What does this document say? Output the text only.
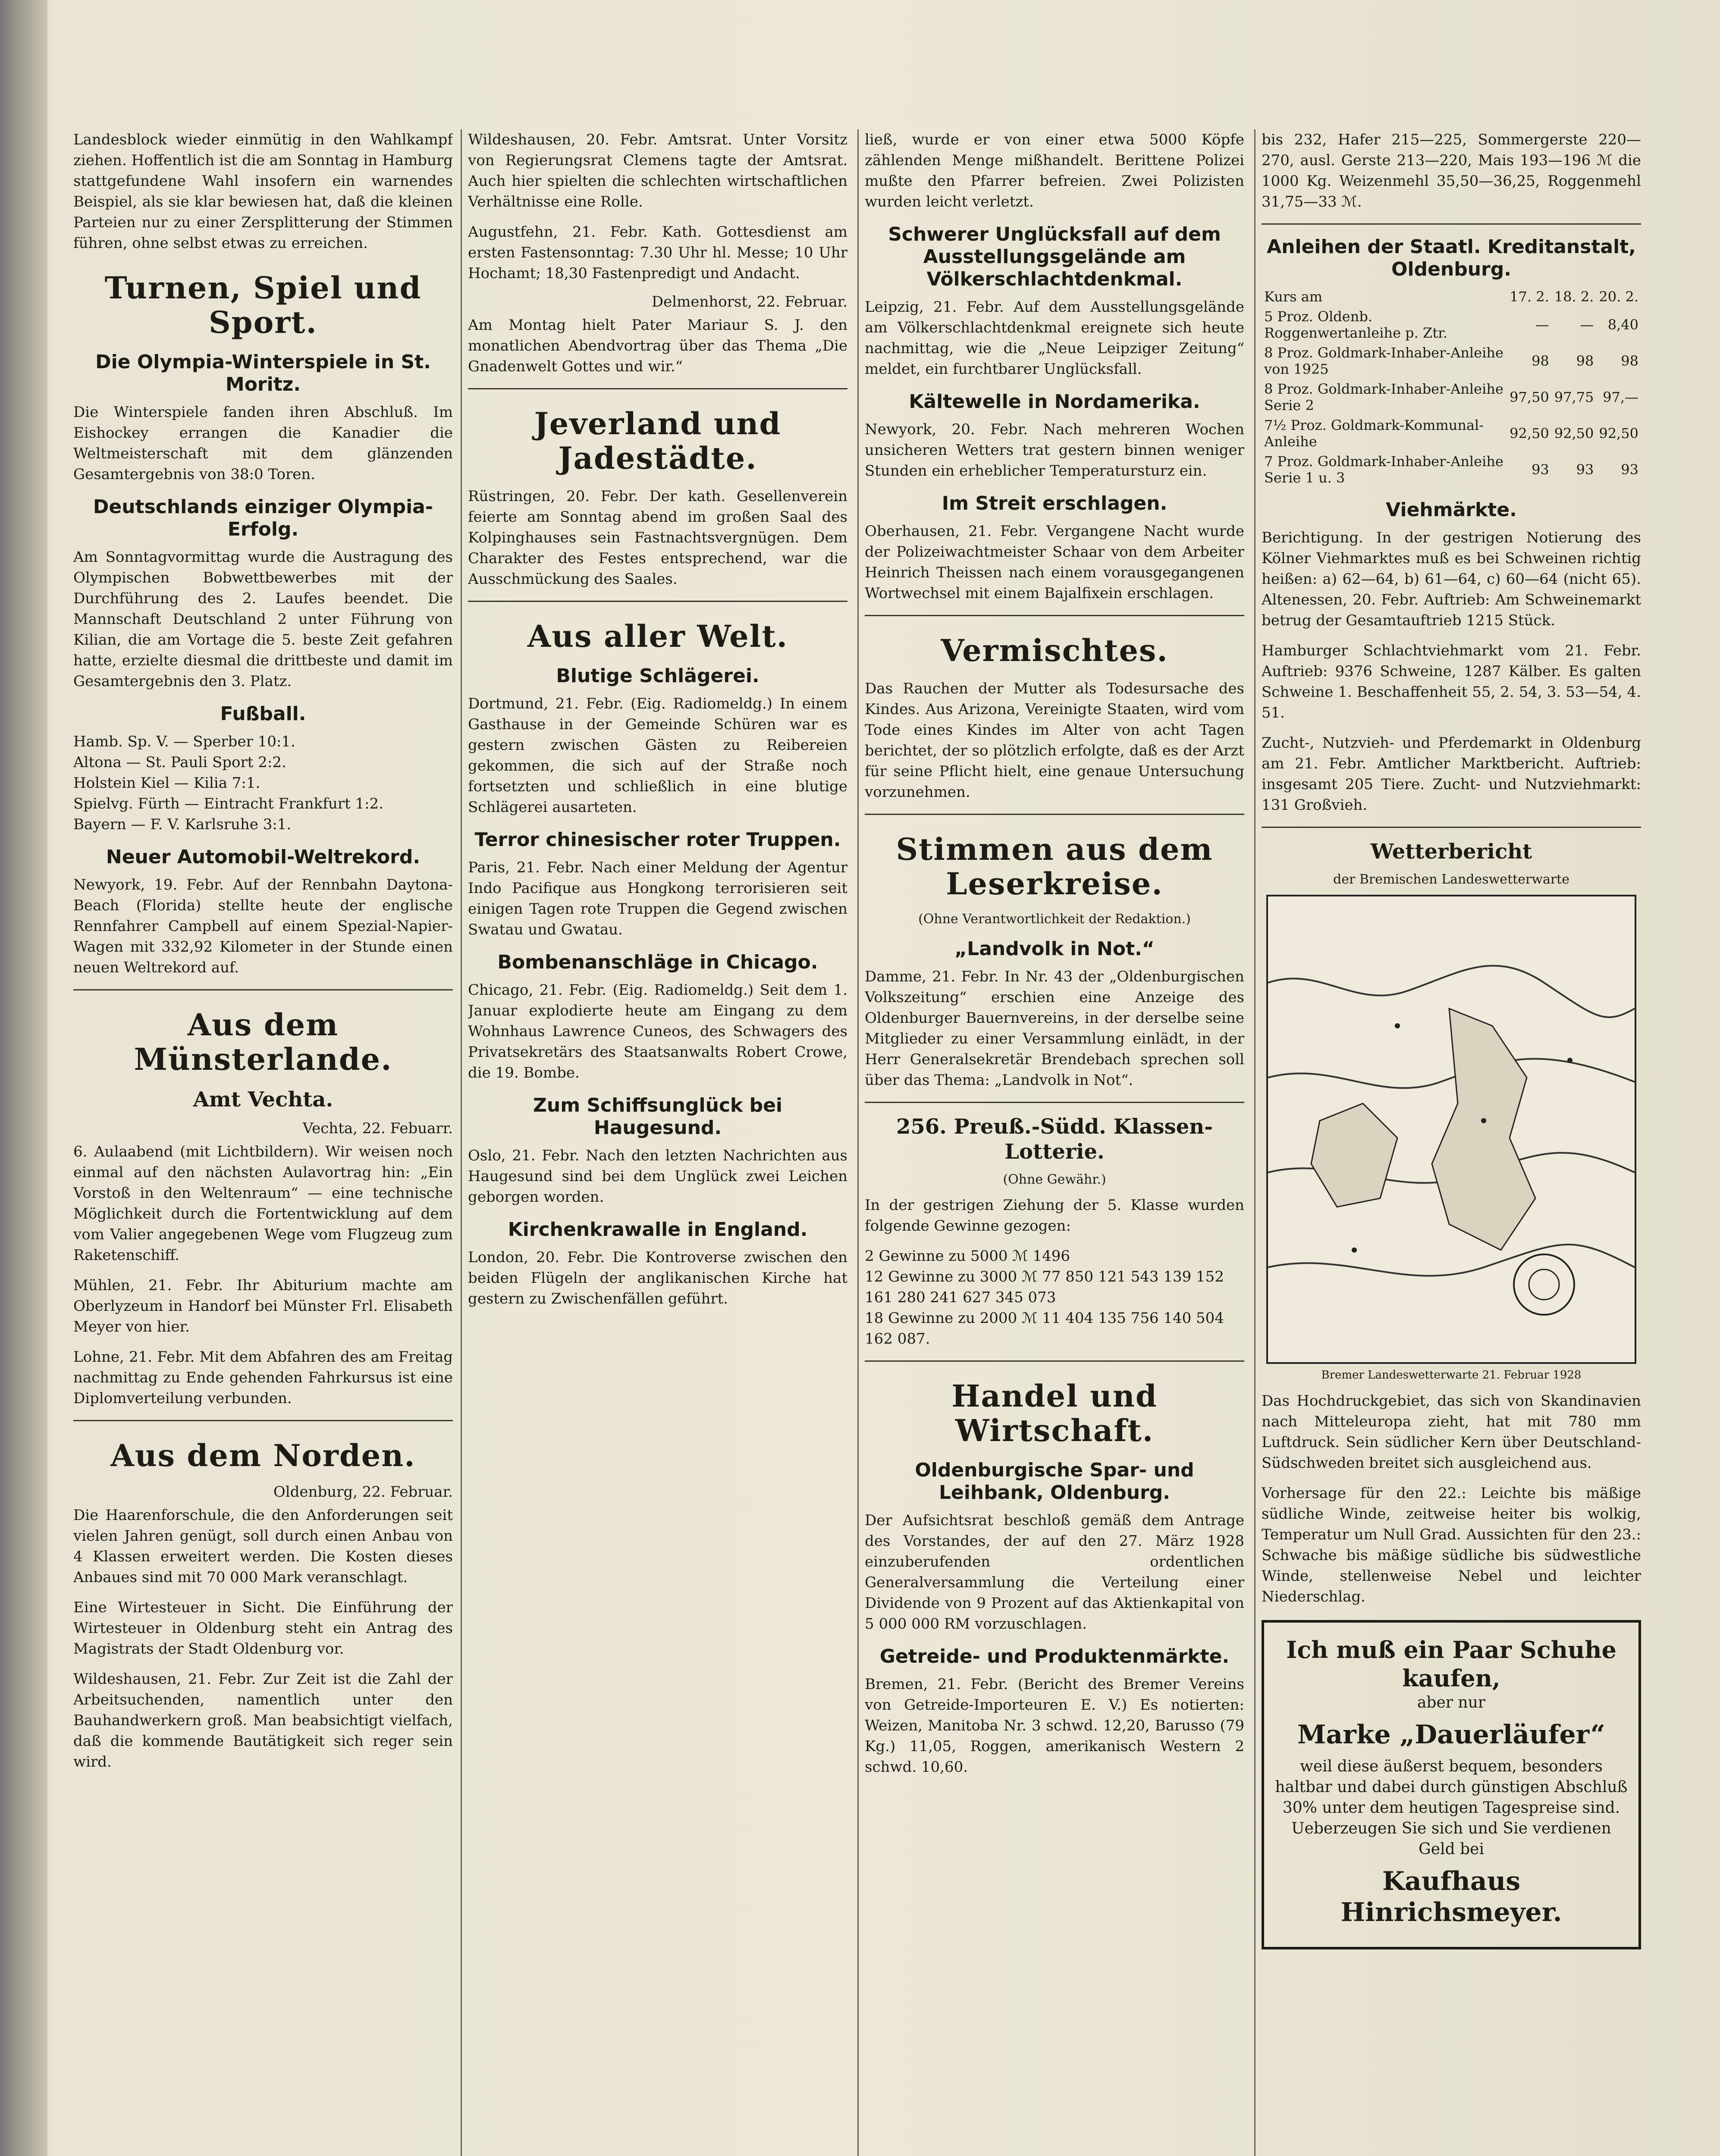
Landesblock wieder einmütig in den Wahlkampf ziehen. Hoffentlich ist die am Sonntag in Hamburg stattgefundene Wahl insofern ein warnendes Beispiel, als sie klar bewiesen hat, daß die kleinen Parteien nur zu einer Zersplitterung der Stimmen führen, ohne selbst etwas zu erreichen.

Turnen, Spiel und Sport.
Die Olympia-Winterspiele in St. Moritz.

Die Winterspiele fanden ihren Abschluß. Im Eishockey errangen die Kanadier die Weltmeisterschaft mit dem glänzenden Gesamtergebnis von 38:0 Toren.

Deutschlands einziger Olympia-Erfolg.

Am Sonntagvormittag wurde die Austragung des Olympischen Bobwettbewerbes mit der Durchführung des 2. Laufes beendet. Die Mannschaft Deutschland 2 unter Führung von Kilian, die am Vortage die 5. beste Zeit gefahren hatte, erzielte diesmal die drittbeste und damit im Gesamtergebnis den 3. Platz.

Fußball.

Hamb. Sp. V. — Sperber 10:1.

Altona — St. Pauli Sport 2:2.

Holstein Kiel — Kilia 7:1.

Spielvg. Fürth — Eintracht Frankfurt 1:2.

Bayern — F. V. Karlsruhe 3:1.

Neuer Automobil-Weltrekord.

Newyork, 19. Febr. Auf der Rennbahn Daytona-Beach (Florida) stellte heute der englische Rennfahrer Campbell auf einem Spezial-Napier-Wagen mit 332,92 Kilometer in der Stunde einen neuen Weltrekord auf.

Aus dem Münsterlande.
Amt Vechta.
Vechta, 22. Febuarr.

6. Aulaabend (mit Lichtbildern). Wir weisen noch einmal auf den nächsten Aulavortrag hin: „Ein Vorstoß in den Weltenraum“ — eine technische Möglichkeit durch die Fortentwicklung auf dem vom Valier angegebenen Wege vom Flugzeug zum Raketenschiff.

Mühlen, 21. Febr. Ihr Abiturium machte am Oberlyzeum in Handorf bei Münster Frl. Elisabeth Meyer von hier.

Lohne, 21. Febr. Mit dem Abfahren des am Freitag nachmittag zu Ende gehenden Fahrkursus ist eine Diplomverteilung verbunden.

Aus dem Norden.
Oldenburg, 22. Februar.

Die Haarenforschule, die den Anforderungen seit vielen Jahren genügt, soll durch einen Anbau von 4 Klassen erweitert werden. Die Kosten dieses Anbaues sind mit 70 000 Mark veranschlagt.

Eine Wirtesteuer in Sicht. Die Einführung der Wirtesteuer in Oldenburg steht ein Antrag des Magistrats der Stadt Oldenburg vor.

Wildeshausen, 21. Febr. Zur Zeit ist die Zahl der Arbeitsuchenden, namentlich unter den Bauhandwerkern groß. Man beabsichtigt vielfach, daß die kommende Bautätigkeit sich reger sein wird.

Wildeshausen, 20. Febr. Amtsrat. Unter Vorsitz von Regierungsrat Clemens tagte der Amtsrat. Auch hier spielten die schlechten wirtschaftlichen Verhältnisse eine Rolle.

Augustfehn, 21. Febr. Kath. Gottesdienst am ersten Fastensonntag: 7.30 Uhr hl. Messe; 10 Uhr Hochamt; 18,30 Fastenpredigt und Andacht.

Delmenhorst, 22. Februar.

Am Montag hielt Pater Mariaur S. J. den monatlichen Abendvortrag über das Thema „Die Gnadenwelt Gottes und wir.“

Jeverland und Jadestädte.

Rüstringen, 20. Febr. Der kath. Gesellenverein feierte am Sonntag abend im großen Saal des Kolpinghauses sein Fastnachtsvergnügen. Dem Charakter des Festes entsprechend, war die Ausschmückung des Saales.

Aus aller Welt.
Blutige Schlägerei.

Dortmund, 21. Febr. (Eig. Radiomeldg.) In einem Gasthause in der Gemeinde Schüren war es gestern zwischen Gästen zu Reibereien gekommen, die sich auf der Straße noch fortsetzten und schließlich in eine blutige Schlägerei ausarteten.

Terror chinesischer roter Truppen.

Paris, 21. Febr. Nach einer Meldung der Agentur Indo Pacifique aus Hongkong terrorisieren seit einigen Tagen rote Truppen die Gegend zwischen Swatau und Gwatau.

Bombenanschläge in Chicago.

Chicago, 21. Febr. (Eig. Radiomeldg.) Seit dem 1. Januar explodierte heute am Eingang zu dem Wohnhaus Lawrence Cuneos, des Schwagers des Privatsekretärs des Staatsanwalts Robert Crowe, die 19. Bombe.

Zum Schiffsunglück bei Haugesund.

Oslo, 21. Febr. Nach den letzten Nachrichten aus Haugesund sind bei dem Unglück zwei Leichen geborgen worden.

Kirchenkrawalle in England.

London, 20. Febr. Die Kontroverse zwischen den beiden Flügeln der anglikanischen Kirche hat gestern zu Zwischenfällen geführt.

ließ, wurde er von einer etwa 5000 Köpfe zählenden Menge mißhandelt. Berittene Polizei mußte den Pfarrer befreien. Zwei Polizisten wurden leicht verletzt.

Schwerer Unglücksfall auf dem Ausstellungsgelände am Völkerschlachtdenkmal.

Leipzig, 21. Febr. Auf dem Ausstellungsgelände am Völkerschlachtdenkmal ereignete sich heute nachmittag, wie die „Neue Leipziger Zeitung“ meldet, ein furchtbarer Unglücksfall.

Kältewelle in Nordamerika.

Newyork, 20. Febr. Nach mehreren Wochen unsicheren Wetters trat gestern binnen weniger Stunden ein erheblicher Temperatursturz ein.

Im Streit erschlagen.

Oberhausen, 21. Febr. Vergangene Nacht wurde der Polizeiwachtmeister Schaar von dem Arbeiter Heinrich Theissen nach einem vorausgegangenen Wortwechsel mit einem Bajalfixein erschlagen.

Vermischtes.

Das Rauchen der Mutter als Todesursache des Kindes. Aus Arizona, Vereinigte Staaten, wird vom Tode eines Kindes im Alter von acht Tagen berichtet, der so plötzlich erfolgte, daß es der Arzt für seine Pflicht hielt, eine genaue Untersuchung vorzunehmen.

Stimmen aus dem Leserkreise.
(Ohne Verantwortlichkeit der Redaktion.)
„Landvolk in Not.“

Damme, 21. Febr. In Nr. 43 der „Oldenburgischen Volkszeitung“ erschien eine Anzeige des Oldenburger Bauernvereins, in der derselbe seine Mitglieder zu einer Versammlung einlädt, in der Herr Generalsekretär Brendebach sprechen soll über das Thema: „Landvolk in Not“.

256. Preuß.-Südd. Klassen-Lotterie.
(Ohne Gewähr.)

In der gestrigen Ziehung der 5. Klasse wurden folgende Gewinne gezogen:

2 Gewinne zu 5000 ℳ 1496

12 Gewinne zu 3000 ℳ 77 850 121 543 139 152

161 280 241 627 345 073

18 Gewinne zu 2000 ℳ 11 404 135 756 140 504

162 087.

Handel und Wirtschaft.
Oldenburgische Spar- und Leihbank, Oldenburg.

Der Aufsichtsrat beschloß gemäß dem Antrage des Vorstandes, der auf den 27. März 1928 einzuberufenden ordentlichen Generalversammlung die Verteilung einer Dividende von 9 Prozent auf das Aktienkapital von 5 000 000 RM vorzuschlagen.

Getreide- und Produktenmärkte.

Bremen, 21. Febr. (Bericht des Bremer Vereins von Getreide-Importeuren E. V.) Es notierten: Weizen, Manitoba Nr. 3 schwd. 12,20, Barusso (79 Kg.) 11,05, Roggen, amerikanisch Western 2 schwd. 10,60.

bis 232, Hafer 215—225, Sommergerste 220—270, ausl. Gerste 213—220, Mais 193—196 ℳ die 1000 Kg. Weizenmehl 35,50—36,25, Roggenmehl 31,75—33 ℳ.

Anleihen der Staatl. Kreditanstalt, Oldenburg.
Kurs am	17. 2.	18. 2.	20. 2.
5 Proz. Oldenb. Roggenwertanleihe p. Ztr.	—	—	8,40
8 Proz. Goldmark-Inhaber-Anleihe von 1925	98	98	98
8 Proz. Goldmark-Inhaber-Anleihe Serie 2	97,50	97,75	97,—
7½ Proz. Goldmark-Kommunal-Anleihe	92,50	92,50	92,50
7 Proz. Goldmark-Inhaber-Anleihe Serie 1 u. 3	93	93	93
Viehmärkte.

Berichtigung. In der gestrigen Notierung des Kölner Viehmarktes muß es bei Schweinen richtig heißen: a) 62—64, b) 61—64, c) 60—64 (nicht 65). Altenessen, 20. Febr. Auftrieb: Am Schweinemarkt betrug der Gesamtauftrieb 1215 Stück.

Hamburger Schlachtviehmarkt vom 21. Febr. Auftrieb: 9376 Schweine, 1287 Kälber. Es galten Schweine 1. Beschaffenheit 55, 2. 54, 3. 53—54, 4. 51.

Zucht-, Nutzvieh- und Pferdemarkt in Oldenburg am 21. Febr. Amtlicher Marktbericht. Auftrieb: insgesamt 205 Tiere. Zucht- und Nutzviehmarkt: 131 Großvieh.

Wetterbericht
der Bremischen Landeswetterwarte
Bremer Landeswetterwarte 21. Februar 1928

Das Hochdruckgebiet, das sich von Skandinavien nach Mitteleuropa zieht, hat mit 780 mm Luftdruck. Sein südlicher Kern über Deutschland-Südschweden breitet sich ausgleichend aus.

Vorhersage für den 22.: Leichte bis mäßige südliche Winde, zeitweise heiter bis wolkig, Temperatur um Null Grad. Aussichten für den 23.: Schwache bis mäßige südliche bis südwestliche Winde, stellenweise Nebel und leichter Niederschlag.

Ich muß ein Paar Schuhe kaufen,
aber nur
Marke „Dauerläufer“
weil diese äußerst bequem, besonders haltbar und dabei durch günstigen Abschluß 30% unter dem heutigen Tagespreise sind. Ueberzeugen Sie sich und Sie verdienen Geld bei
Kaufhaus Hinrichsmeyer.
